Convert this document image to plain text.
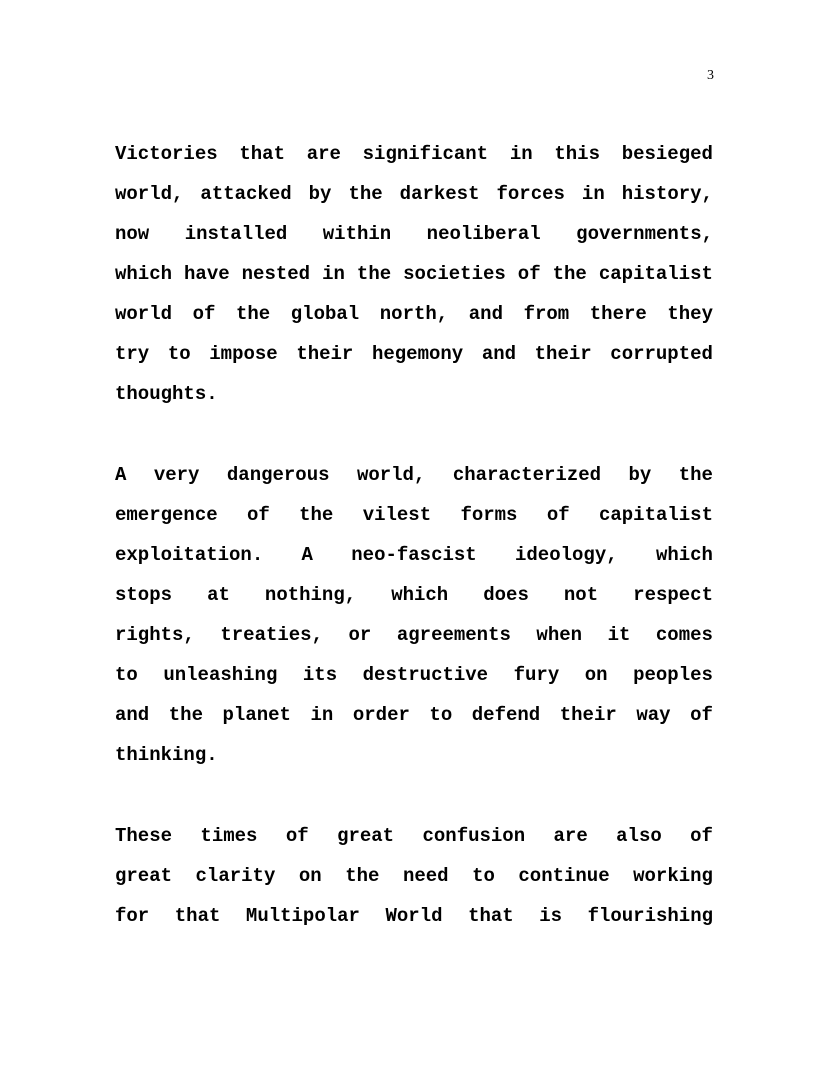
3
Victories that are significant in this besieged
world, attacked by the darkest forces in history,
now installed within neoliberal governments,
which have nested in the societies of the capitalist
world of the global north, and from there they
try to impose their hegemony and their corrupted
thoughts.
A very dangerous world, characterized by the
emergence of the vilest forms of capitalist
exploitation. A neo-fascist ideology, which
stops at nothing, which does not respect
rights, treaties, or agreements when it comes
to unleashing its destructive fury on peoples
and the planet in order to defend their way of
thinking.
These times of great confusion are also of
great clarity on the need to continue working
for that Multipolar World that is flourishing
